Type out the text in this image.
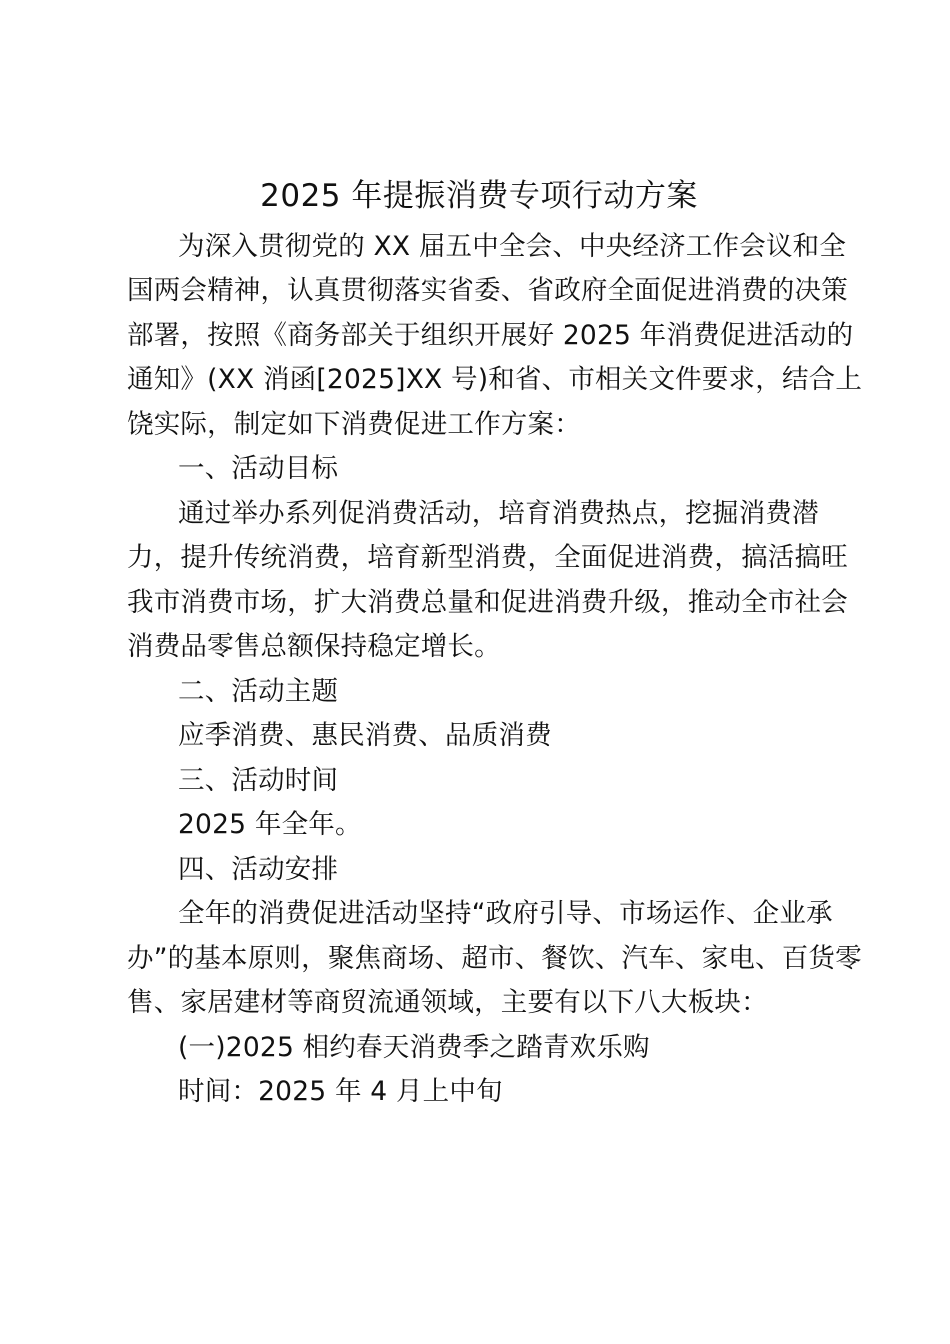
2025 年提振消费专项行动方案
为深入贯彻党的 XX 届五中全会、中央经济工作会议和全
国两会精神，认真贯彻落实省委、省政府全面促进消费的决策
部署，按照《商务部关于组织开展好 2025 年消费促进活动的
通知》(XX 消函[2025]XX 号)和省、市相关文件要求，结合上
饶实际，制定如下消费促进工作方案：
一、活动目标
通过举办系列促消费活动，培育消费热点，挖掘消费潜
力，提升传统消费，培育新型消费，全面促进消费，搞活搞旺
我市消费市场，扩大消费总量和促进消费升级，推动全市社会
消费品零售总额保持稳定增长。
二、活动主题
应季消费、惠民消费、品质消费
三、活动时间
2025 年全年。
四、活动安排
全年的消费促进活动坚持“政府引导、市场运作、企业承
办”的基本原则，聚焦商场、超市、餐饮、汽车、家电、百货零
售、家居建材等商贸流通领域，主要有以下八大板块：
(一)2025 相约春天消费季之踏青欢乐购
时间：2025 年 4 月上中旬
